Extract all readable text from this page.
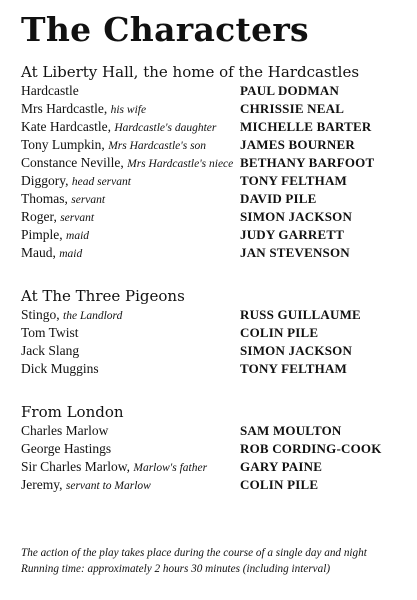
The Characters
At Liberty Hall, the home of the Hardcastles
Hardcastle	PAUL DODMAN
Mrs Hardcastle, his wife	CHRISSIE NEAL
Kate Hardcastle, Hardcastle's daughter	MICHELLE BARTER
Tony Lumpkin, Mrs Hardcastle's son	JAMES BOURNER
Constance Neville, Mrs Hardcastle's niece BETHANY BARFOOT
Diggory, head servant	TONY FELTHAM
Thomas, servant	DAVID PILE
Roger, servant	SIMON JACKSON
Pimple, maid	JUDY GARRETT
Maud, maid	JAN STEVENSON
At The Three Pigeons
Stingo, the Landlord	RUSS GUILLAUME
Tom Twist	COLIN PILE
Jack Slang	SIMON JACKSON
Dick Muggins	TONY FELTHAM
From London
Charles Marlow	SAM MOULTON
George Hastings	ROB CORDING-COOK
Sir Charles Marlow, Marlow's father	GARY PAINE
Jeremy, servant to Marlow	COLIN PILE
The action of the play takes place during the course of a single day and night
Running time: approximately 2 hours 30 minutes (including interval)
